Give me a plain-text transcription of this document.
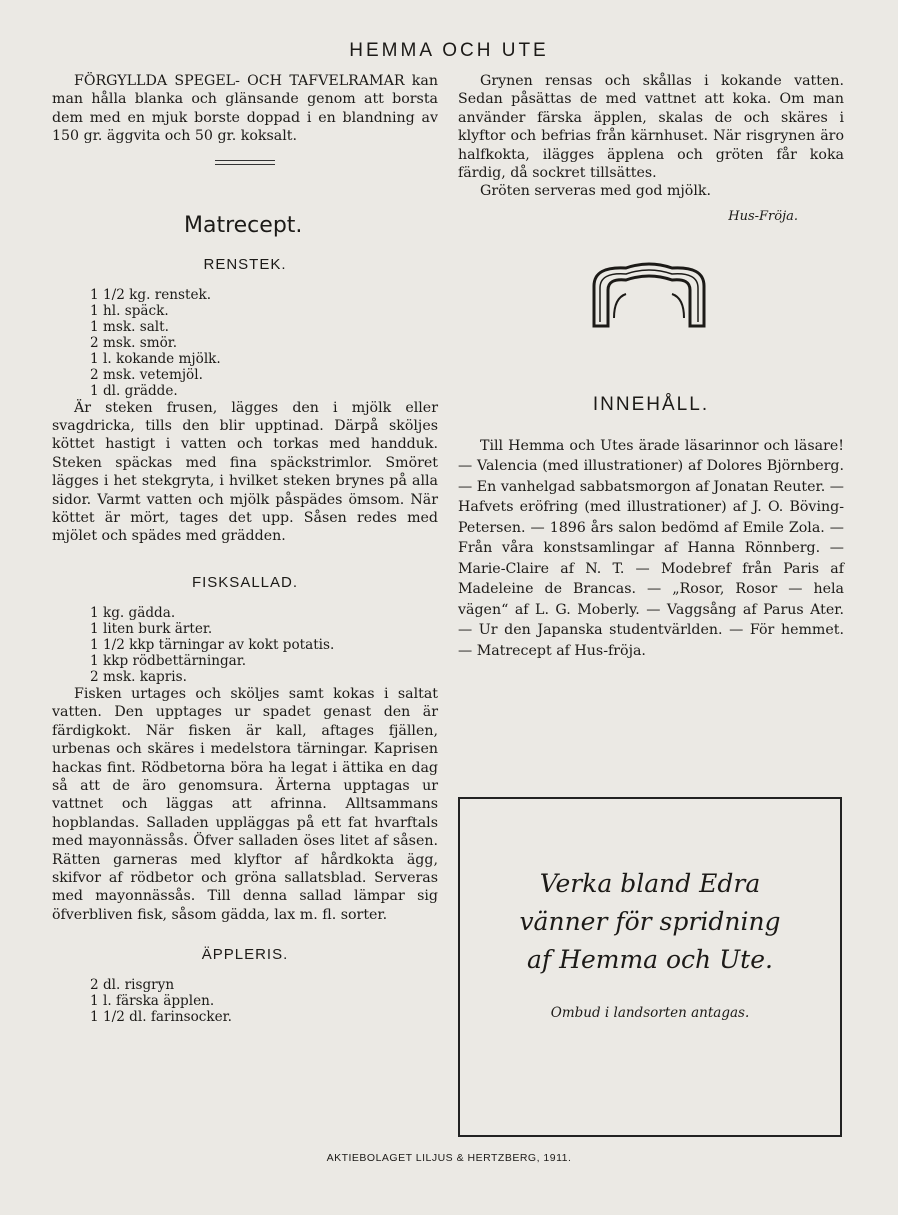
HEMMA OCH UTE

FÖRGYLLDA SPEGEL- OCH TAFVELRAMAR kan man hålla blanka och glänsande genom att borsta dem med en mjuk borste doppad i en blandning av 150 gr. äggvita och 50 gr. koksalt.

Matrecept.
RENSTEK.
1 1/2 kg. renstek.
1 hl. späck.
1 msk. salt.
2 msk. smör.
1 l. kokande mjölk.
2 msk. vetemjöl.
1 dl. grädde.

Är steken frusen, lägges den i mjölk eller svagdricka, tills den blir upptinad. Därpå sköljes köttet hastigt i vatten och torkas med handduk. Steken späckas med fina späckstrimlor. Smöret lägges i het stekgryta, i hvilket steken brynes på alla sidor. Varmt vatten och mjölk påspädes ömsom. När köttet är mört, tages det upp. Såsen redes med mjölet och spädes med grädden.

FISKSALLAD.
1 kg. gädda.
1 liten burk ärter.
1 1/2 kkp tärningar av kokt potatis.
1 kkp rödbettärningar.
2 msk. kapris.

Fisken urtages och sköljes samt kokas i saltat vatten. Den upptages ur spadet genast den är färdigkokt. När fisken är kall, aftages fjällen, urbenas och skäres i medelstora tärningar. Kaprisen hackas fint. Rödbetorna böra ha legat i ättika en dag så att de äro genomsura. Ärterna upptagas ur vattnet och läggas att afrinna. Alltsammans hopblandas. Salladen uppläggas på ett fat hvarftals med mayonnässås. Öfver salladen öses litet af såsen. Rätten garneras med klyftor af hårdkokta ägg, skifvor af rödbetor och gröna sallatsblad. Serveras med mayonnässås. Till denna sallad lämpar sig öfverbliven fisk, såsom gädda, lax m. fl. sorter.

ÄPPLERIS.
2 dl. risgryn
1 l. färska äpplen.
1 1/2 dl. farinsocker.

Grynen rensas och skållas i kokande vatten. Sedan påsättas de med vattnet att koka. Om man använder färska äpplen, skalas de och skäres i klyftor och befrias från kärnhuset. När risgrynen äro halfkokta, ilägges äpplena och gröten får koka färdig, då sockret tillsättes.

Gröten serveras med god mjölk.

Hus-Fröja.
INNEHÅLL.

Till Hemma och Utes ärade läsarinnor och läsare! — Valencia (med illustrationer) af Dolores Björnberg. — En vanhelgad sabbatsmorgon af Jonatan Reuter. — Hafvets eröfring (med illustrationer) af J. O. Böving-Petersen. — 1896 års salon bedömd af Emile Zola. — Från våra konstsamlingar af Hanna Rönnberg. — Marie-Claire af N. T. — Modebref från Paris af Madeleine de Brancas. — „Rosor, Rosor — hela vägen“ af L. G. Moberly. — Vaggsång af Parus Ater. — Ur den Japanska studentvärlden. — För hemmet. — Matrecept af Hus-fröja.

Verka bland Edra
vänner för spridning
af Hemma och Ute.
Ombud i landsorten antagas.
AKTIEBOLAGET LILJUS & HERTZBERG, 1911.
